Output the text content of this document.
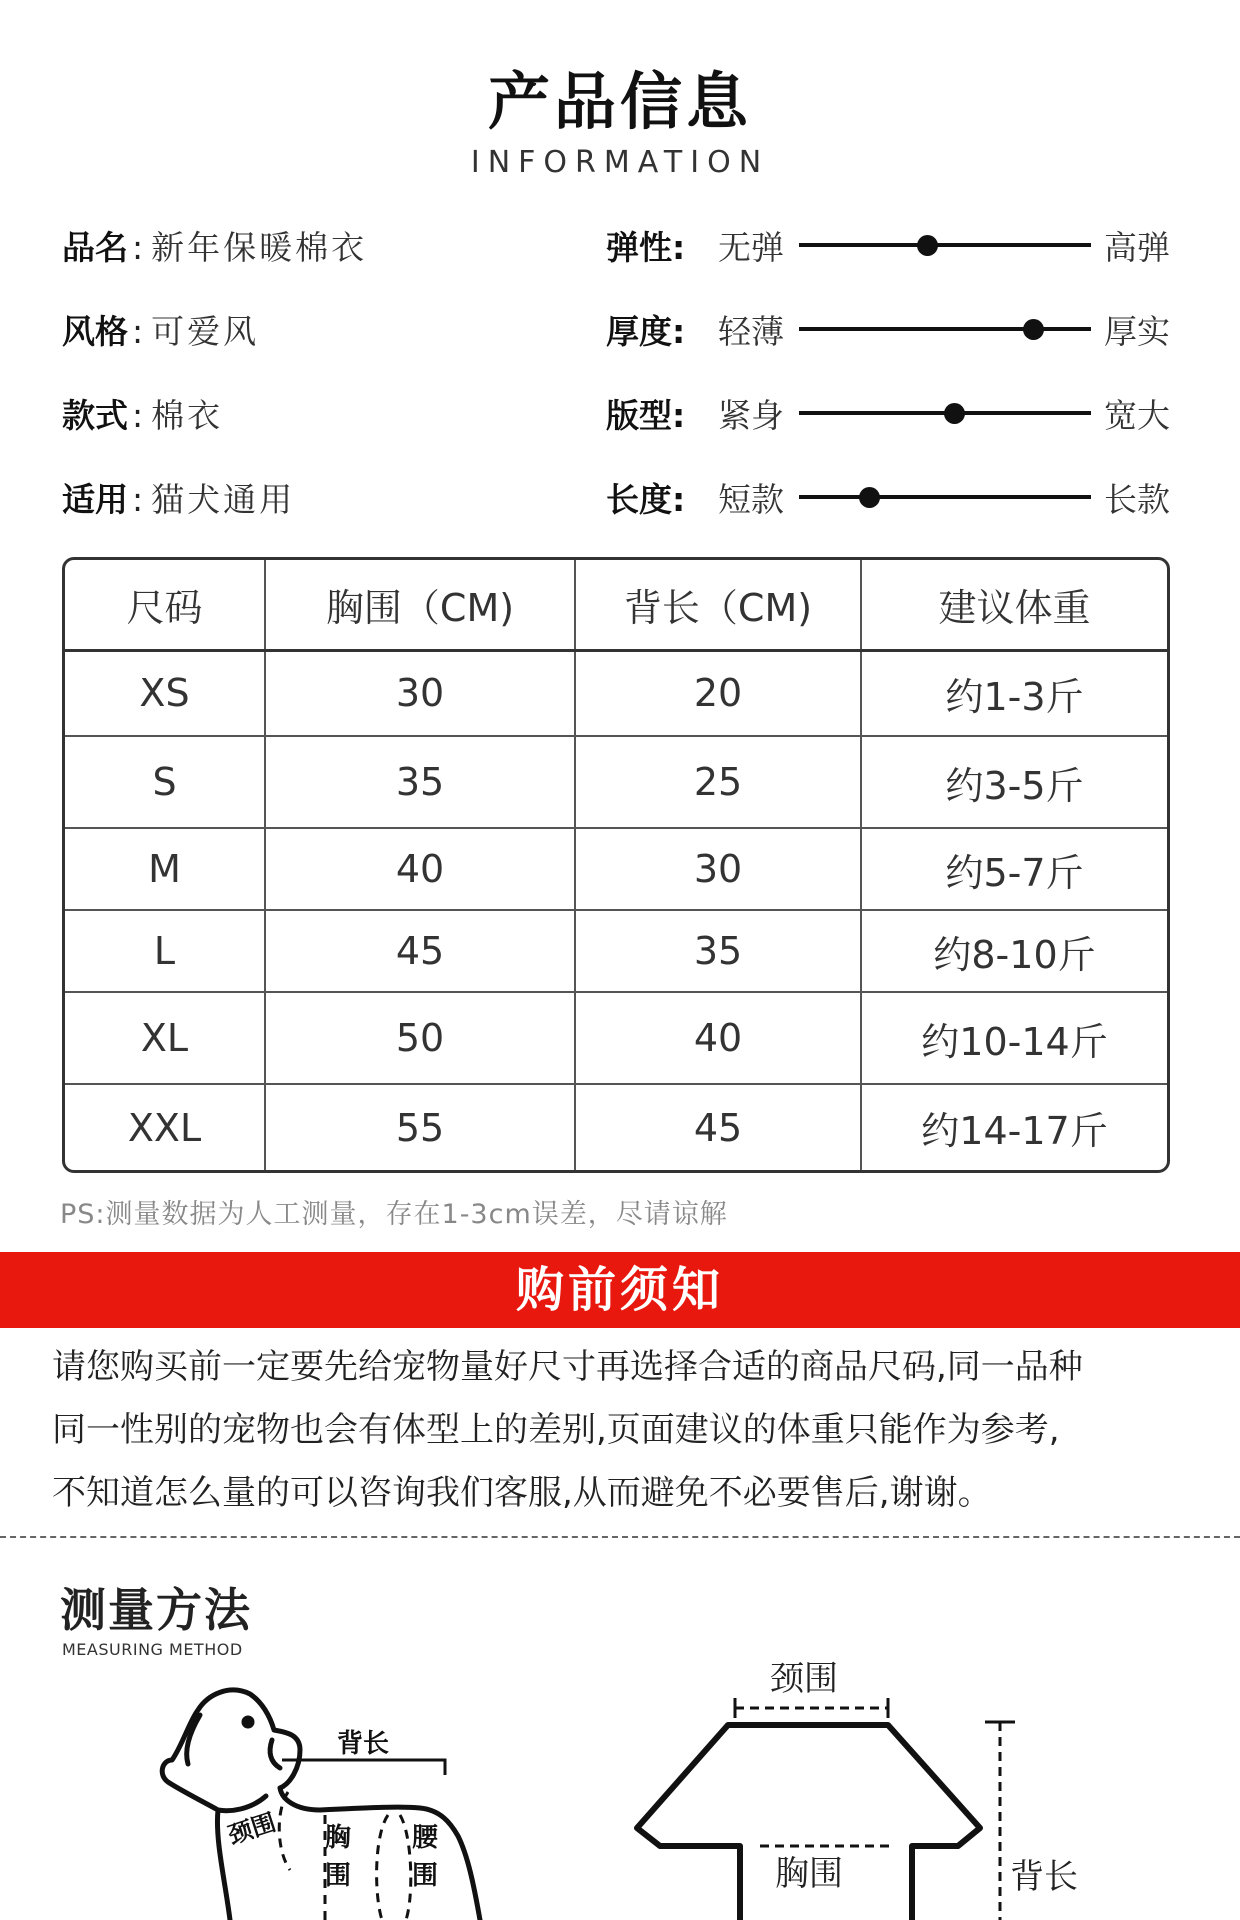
产品信息
INFORMATION
品名 : 新年保暖棉衣
风格 : 可爱风
款式 : 棉衣
适用 : 猫犬通用
弹性: 无弹	高弹
厚度: 轻薄	厚实
版型: 紧身	宽大
长度: 短款	长款
尺码	胸围（CM)	背长（CM)	建议体重
XS	30	20	约1-3斤
S	35	25	约3-5斤
M	40	30	约5-7斤
L	45	35	约8-10斤
XL	50	40	约10-14斤
XXL	55	45	约14-17斤
PS:测量数据为人工测量，存在1-3cm误差，尽请谅解
购前须知
请您购买前一定要先给宠物量好尺寸再选择合适的商品尺码,同一品种
同一性别的宠物也会有体型上的差别,页面建议的体重只能作为参考,
不知道怎么量的可以咨询我们客服,从而避免不必要售后,谢谢。
测量方法
MEASURING METHOD
背长
颈围 胸
围
腰
围
颈围
胸围	背长
